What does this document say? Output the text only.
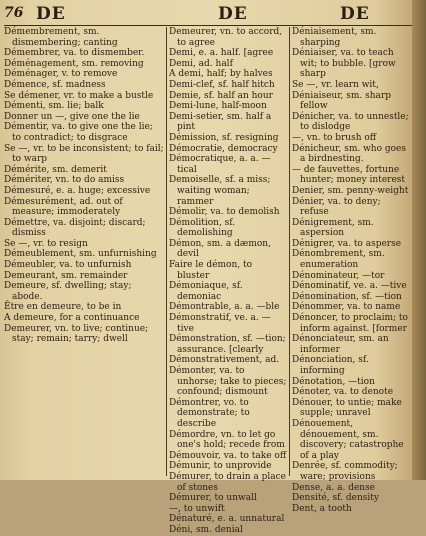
76 DE	DE	DE
Démembrement, sm. dismembering; canting
Démembrer, va. to dismember.
Déménagement, sm. removing
Déménager, v. to remove
Démence, sf. madness
Se démener, vr. to make a bustle
Démenti, sm. lie; balk
Donner un —, give one the lie
Démentir, va. to give one the lie; to contradict; to disgrace
Se —, vr. to be inconsistent; to fail; to warp
Démérite, sm. demerit
Démériter, vn. to do amiss
Démesuré, e. a. huge; excessive
Démesurément, ad. out of measure; immoderately
Démettre, va. disjoint; discard; dismiss
Se —, vr. to resign
Démeublement, sm. unfurnishing
Démeubler, va. to unfurnish
Demeurant, sm. remainder
Demeure, sf. dwelling; stay; abode.
Être en demeure, to be in
A demeure, for a continuance
Demeurer, vn. to live; continue; stay; remain; tarry; dwell
Demeurer, vn. to accord, to agree
Demi, e. a. half. [agree
Demi, ad. half
A demi, half; by halves
Demi-clef, sf. half hitch
Demie, sf. half an hour
Demi-lune, half-moon
Demi-setier, sm. half a pint
Démission, sf. resigning
Démocratie, democracy
Démocratique, a. a. —tical
Demoiselle, sf. a miss; waiting woman; rammer
Démolir, va. to demolish
Démolition, sf. demolishing
Démon, sm. a dæmon, devil
Faire le démon, to bluster
Démoniaque, sf. demoniac
Démontrable, a. a. —ble
Démonstratif, ve. a. —tive
Démonstration, sf. —tion; assurance. [clearly
Démonstrativement, ad.
Démonter, va. to unhorse; take to pieces; confound; dismount
Démontrer, vo. to demonstrate; to describe
Démordre, vn. to let go one's hold; recede from
Démouvoir, va. to take off
Démunir, to unprovide
Démurer, to drain a place of stones
Démurer, to unwall
—, to unwift
Dénaturé, e. a. unnatural
Déni, sm. denial
Déniaisement, sm. sharping
Déniaiser, va. to teach wit; to bubble. [grow sharp
Se —, vr. learn wit,
Déniaiseur, sm. sharp fellow
Dénicher, va. to unnestle; to dislodge
—, vn. to brush off
Dénicheur, sm. who goes a birdnesting.
— de fauvettes, fortune hunter; money interest
Denier, sm. penny-weight
Dénier, va. to deny; refuse
Dénigrement, sm. aspersion
Dénigrer, va. to asperse
Dénombrement, sm. enumeration
Dénominateur, —tor
Dénominatif, ve. a. —tive
Dénomination, sf. —tion
Dénommer, va. to name
Dénoncer, to proclaim; to inform against. [former
Dénonciateur, sm. an informer
Dénonciation, sf. informing
Dénotation, —tion
Dénoter, va. to denote
Dénouer, to untie; make supple; unravel
Dénouement, dénouement, sm. discovery; catastrophe of a play
Denrée, sf. commodity; ware; provisions
Dense, a. a. dense
Densité, sf. density
Dent, a tooth
